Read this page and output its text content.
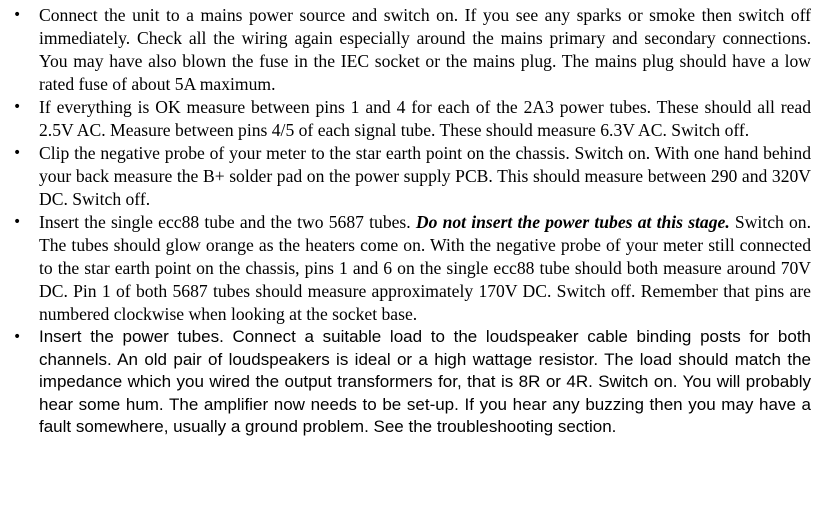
• Connect the unit to a mains power source and switch on. If you see any sparks or smoke then switch off immediately. Check all the wiring again especially around the mains primary and secondary connections. You may have also blown the fuse in the IEC socket or the mains plug. The mains plug should have a low rated fuse of about 5A maximum.
• If everything is OK measure between pins 1 and 4 for each of the 2A3 power tubes. These should all read 2.5V AC. Measure between pins 4/5 of each signal tube. These should measure 6.3V AC. Switch off.
• Clip the negative probe of your meter to the star earth point on the chassis. Switch on. With one hand behind your back measure the B+ solder pad on the power supply PCB. This should measure between 290 and 320V DC. Switch off.
• Insert the single ecc88 tube and the two 5687 tubes. Do not insert the power tubes at this stage. Switch on. The tubes should glow orange as the heaters come on. With the negative probe of your meter still connected to the star earth point on the chassis, pins 1 and 6 on the single ecc88 tube should both measure around 70V DC. Pin 1 of both 5687 tubes should measure approximately 170V DC. Switch off. Remember that pins are numbered clockwise when looking at the socket base.
• Insert the power tubes. Connect a suitable load to the loudspeaker cable binding posts for both channels. An old pair of loudspeakers is ideal or a high wattage resistor. The load should match the impedance which you wired the output transformers for, that is 8R or 4R. Switch on. You will probably hear some hum. The amplifier now needs to be set-up. If you hear any buzzing then you may have a fault somewhere, usually a ground problem. See the troubleshooting section.
